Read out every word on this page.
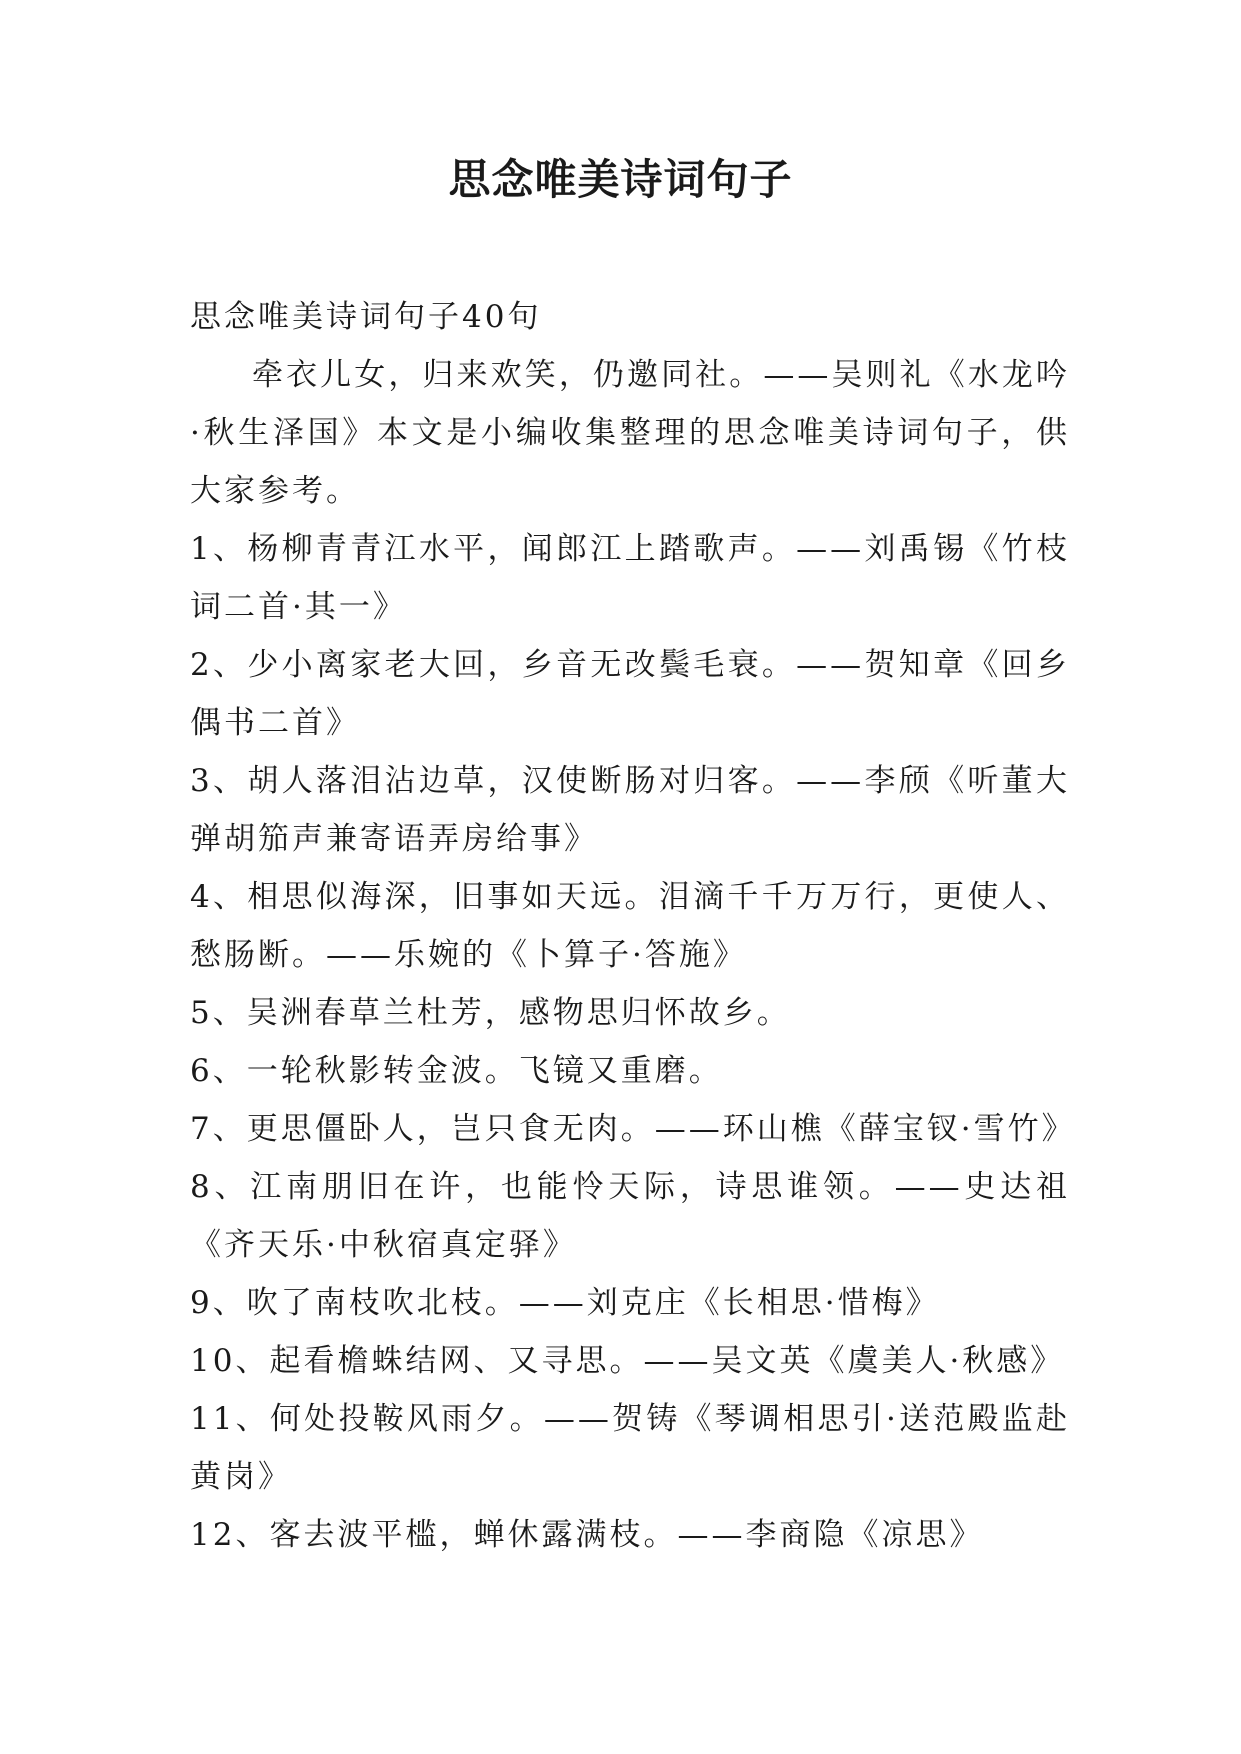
思念唯美诗词句子

思念唯美诗词句子40句

牵衣儿女，归来欢笑，仍邀同社。——吴则礼《水龙吟·秋生泽国》本文是小编收集整理的思念唯美诗词句子，供大家参考。

1、杨柳青青江水平，闻郎江上踏歌声。——刘禹锡《竹枝词二首·其一》

2、少小离家老大回，乡音无改鬓毛衰。——贺知章《回乡偶书二首》

3、胡人落泪沾边草，汉使断肠对归客。——李颀《听董大弹胡笳声兼寄语弄房给事》

4、相思似海深，旧事如天远。泪滴千千万万行，更使人、愁肠断。——乐婉的《卜算子·答施》

5、吴洲春草兰杜芳，感物思归怀故乡。

6、一轮秋影转金波。飞镜又重磨。

7、更思僵卧人，岂只食无肉。——环山樵《薛宝钗·雪竹》

8、江南朋旧在许，也能怜天际，诗思谁领。——史达祖《齐天乐·中秋宿真定驿》

9、吹了南枝吹北枝。——刘克庄《长相思·惜梅》

10、起看檐蛛结网、又寻思。——吴文英《虞美人·秋感》

11、何处投鞍风雨夕。——贺铸《琴调相思引·送范殿监赴黄岗》

12、客去波平槛，蝉休露满枝。——李商隐《凉思》
